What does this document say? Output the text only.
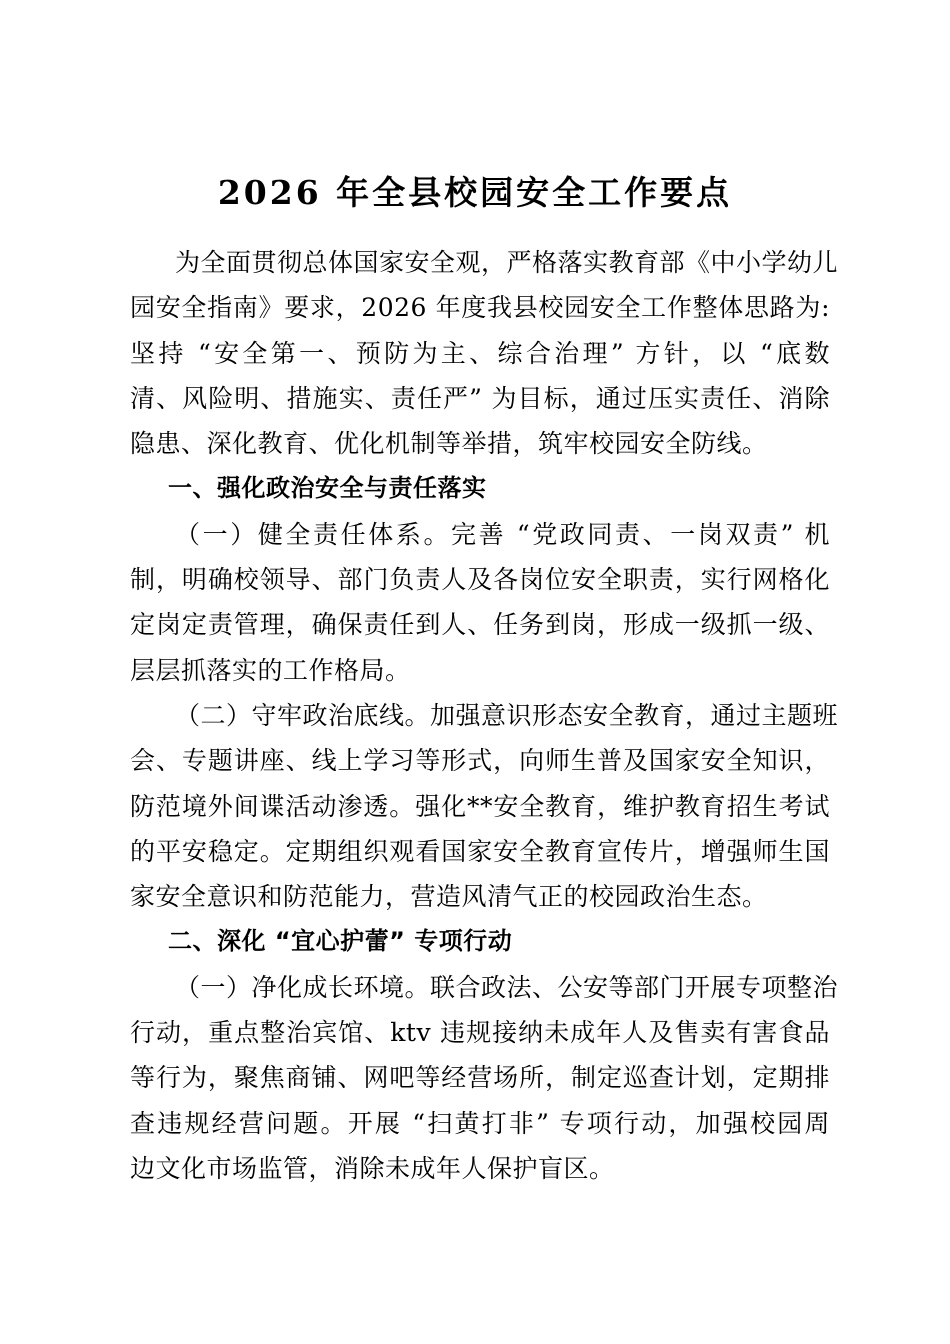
2026 年全县校园安全工作要点
为全面贯彻总体国家安全观，严格落实教育部《中小学幼儿
园安全指南》要求，2026 年度我县校园安全工作整体思路为:
坚持 “安全第一、预防为主、综合治理” 方针，以 “底数
清、风险明、措施实、责任严” 为目标，通过压实责任、消除
隐患、深化教育、优化机制等举措，筑牢校园安全防线。
一、强化政治安全与责任落实
（一）健全责任体系。完善 “党政同责、一岗双责” 机
制，明确校领导、部门负责人及各岗位安全职责，实行网格化
定岗定责管理，确保责任到人、任务到岗，形成一级抓一级、
层层抓落实的工作格局。
（二）守牢政治底线。加强意识形态安全教育，通过主题班
会、专题讲座、线上学习等形式，向师生普及国家安全知识，
防范境外间谍活动渗透。强化**安全教育，维护教育招生考试
的平安稳定。定期组织观看国家安全教育宣传片，增强师生国
家安全意识和防范能力，营造风清气正的校园政治生态。
二、深化 “宜心护蕾” 专项行动
（一）净化成长环境。联合政法、公安等部门开展专项整治
行动，重点整治宾馆、ktv 违规接纳未成年人及售卖有害食品
等行为，聚焦商铺、网吧等经营场所，制定巡查计划，定期排
查违规经营问题。开展 “扫黄打非” 专项行动，加强校园周
边文化市场监管，消除未成年人保护盲区。
